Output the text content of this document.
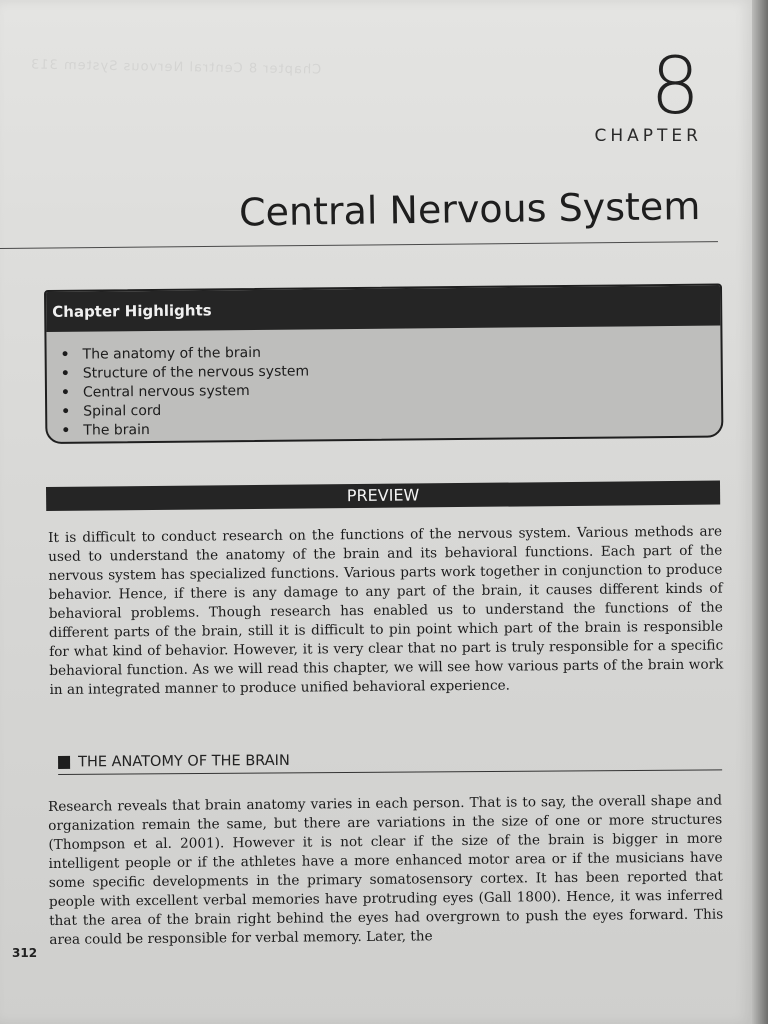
Chapter 8 Central Nervous System 313	8
CHAPTER
Central Nervous System
Chapter Highlights
• The anatomy of the brain
• Structure of the nervous system
• Central nervous system
• Spinal cord
• The brain
PREVIEW

It is difficult to conduct research on the functions of the nervous system. Various methods are used to understand the anatomy of the brain and its behavioral functions. Each part of the nervous system has specialized functions. Various parts work together in conjunction to produce behavior. Hence, if there is any damage to any part of the brain, it causes different kinds of behavioral problems. Though research has enabled us to understand the functions of the different parts of the brain, still it is difficult to pin point which part of the brain is responsible for what kind of behavior. However, it is very clear that no part is truly responsible for a specific behavioral function. As we will read this chapter, we will see how various parts of the brain work in an integrated manner to produce unified behavioral experience.

THE ANATOMY OF THE BRAIN

Research reveals that brain anatomy varies in each person. That is to say, the overall shape and organization remain the same, but there are variations in the size of one or more structures (Thompson et al. 2001). However it is not clear if the size of the brain is bigger in more intelligent people or if the athletes have a more enhanced motor area or if the musicians have some specific developments in the primary somatosensory cortex. It has been reported that people with excellent verbal memories have protruding eyes (Gall 1800). Hence, it was inferred that the area of the brain right behind the eyes had overgrown to push the eyes forward. This area could be responsible for verbal memory. Later, the

312
